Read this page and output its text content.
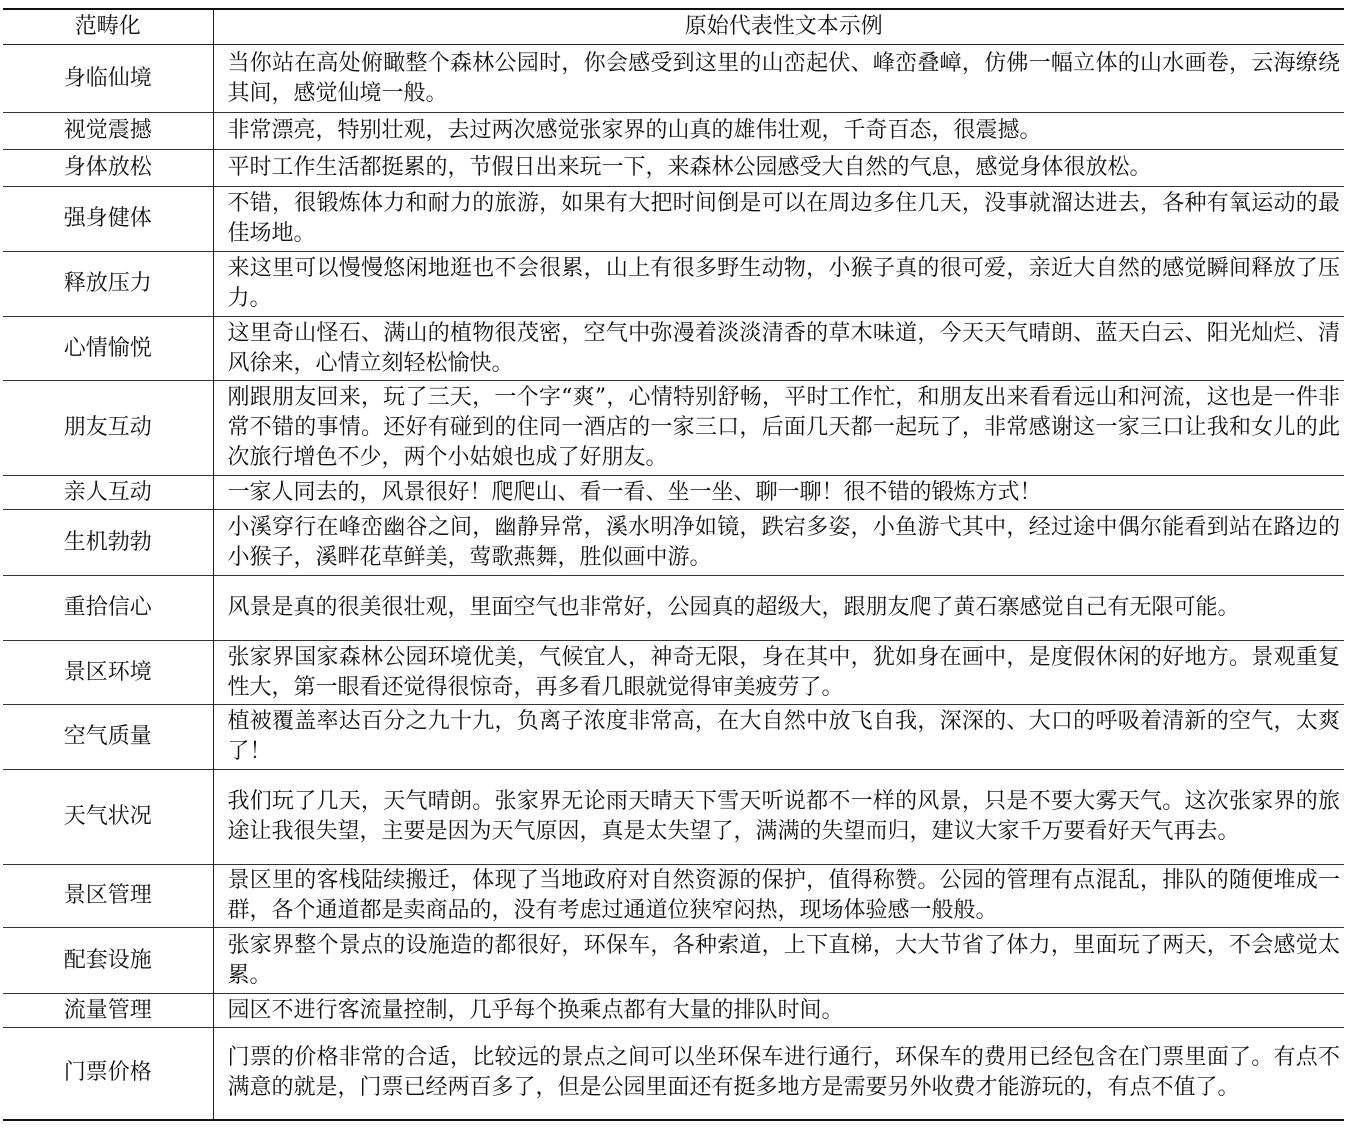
范畴化	原始代表性文本示例
身临仙境	当你站在高处俯瞰整个森林公园时，你会感受到这里的山峦起伏、峰峦叠嶂，仿佛一幅立体的山水画卷，云海缭绕其间，感觉仙境一般。
视觉震撼	非常漂亮，特别壮观，去过两次感觉张家界的山真的雄伟壮观，千奇百态，很震撼。
身体放松	平时工作生活都挺累的，节假日出来玩一下，来森林公园感受大自然的气息，感觉身体很放松。
强身健体	不错，很锻炼体力和耐力的旅游，如果有大把时间倒是可以在周边多住几天，没事就溜达进去，各种有氧运动的最佳场地。
释放压力	来这里可以慢慢悠闲地逛也不会很累，山上有很多野生动物，小猴子真的很可爱，亲近大自然的感觉瞬间释放了压力。
心情愉悦	这里奇山怪石、满山的植物很茂密，空气中弥漫着淡淡清香的草木味道，今天天气晴朗、蓝天白云、阳光灿烂、清风徐来，心情立刻轻松愉快。
朋友互动	刚跟朋友回来，玩了三天，一个字“爽”，心情特别舒畅，平时工作忙，和朋友出来看看远山和河流，这也是一件非常不错的事情。还好有碰到的住同一酒店的一家三口，后面几天都一起玩了，非常感谢这一家三口让我和女儿的此次旅行增色不少，两个小姑娘也成了好朋友。
亲人互动	一家人同去的，风景很好！爬爬山、看一看、坐一坐、聊一聊！很不错的锻炼方式！
生机勃勃	小溪穿行在峰峦幽谷之间，幽静异常，溪水明净如镜，跌宕多姿，小鱼游弋其中，经过途中偶尔能看到站在路边的小猴子，溪畔花草鲜美，莺歌燕舞，胜似画中游。
重拾信心	风景是真的很美很壮观，里面空气也非常好，公园真的超级大，跟朋友爬了黄石寨感觉自己有无限可能。
景区环境	张家界国家森林公园环境优美，气候宜人，神奇无限，身在其中，犹如身在画中，是度假休闲的好地方。景观重复性大，第一眼看还觉得很惊奇，再多看几眼就觉得审美疲劳了。
空气质量	植被覆盖率达百分之九十九，负离子浓度非常高，在大自然中放飞自我，深深的、大口的呼吸着清新的空气，太爽了！
天气状况	我们玩了几天，天气晴朗。张家界无论雨天晴天下雪天听说都不一样的风景，只是不要大雾天气。这次张家界的旅途让我很失望，主要是因为天气原因，真是太失望了，满满的失望而归，建议大家千万要看好天气再去。
景区管理	景区里的客栈陆续搬迁，体现了当地政府对自然资源的保护，值得称赞。公园的管理有点混乱，排队的随便堆成一群，各个通道都是卖商品的，没有考虑过通道位狭窄闷热，现场体验感一般般。
配套设施	张家界整个景点的设施造的都很好，环保车，各种索道，上下直梯，大大节省了体力，里面玩了两天，不会感觉太累。
流量管理	园区不进行客流量控制，几乎每个换乘点都有大量的排队时间。
门票价格	门票的价格非常的合适，比较远的景点之间可以坐环保车进行通行，环保车的费用已经包含在门票里面了。有点不满意的就是，门票已经两百多了，但是公园里面还有挺多地方是需要另外收费才能游玩的，有点不值了。
